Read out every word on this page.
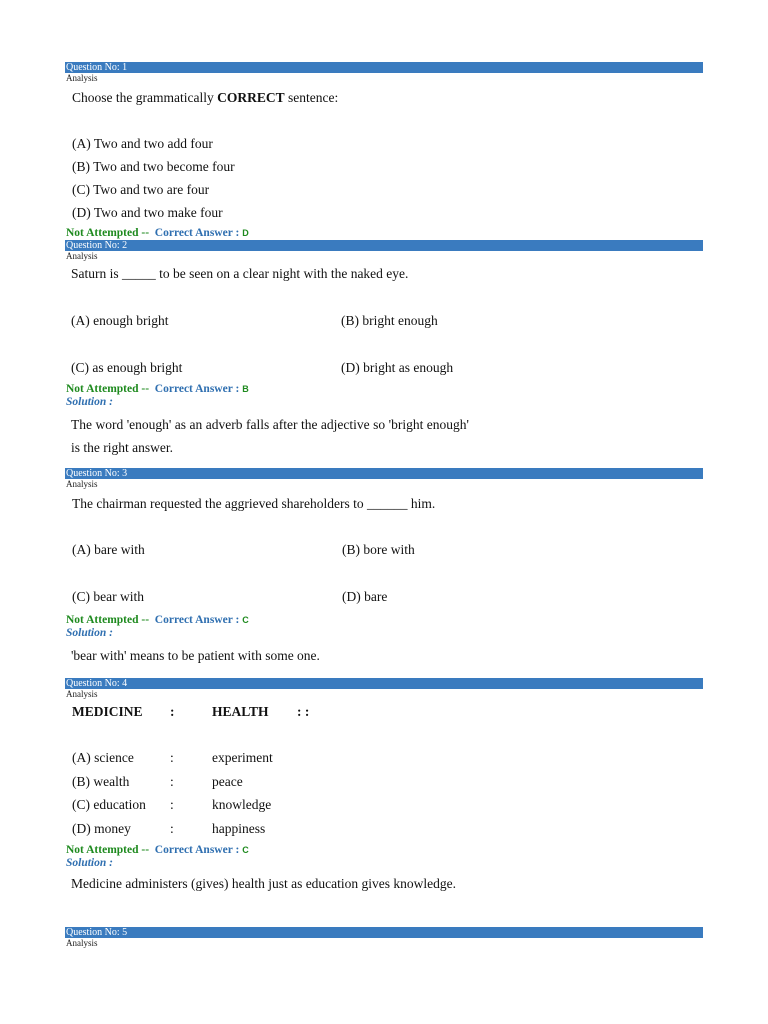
Question No: 1
Analysis
Choose the grammatically CORRECT sentence:
(A) Two and two add four
(B) Two and two become four
(C) Two and two are four
(D) Two and two make four
Not Attempted -- Correct Answer : D
Question No: 2
Analysis
Saturn is _____ to be seen on a clear night with the naked eye.
(A) enough bright	(B) bright enough
(C) as enough bright	(D) bright as enough
Not Attempted -- Correct Answer : B
Solution :
The word 'enough' as an adverb falls after the adjective so 'bright enough' is the right answer.
Question No: 3
Analysis
The chairman requested the aggrieved shareholders to ______ him.
(A) bare with	(B) bore with
(C) bear with	(D) bare
Not Attempted -- Correct Answer : C
Solution :
'bear with' means to be patient with some one.
Question No: 4
Analysis
MEDICINE :	HEALTH : :
(A) science	:	experiment
(B) wealth	:	peace
(C) education :	knowledge
(D) money	:	happiness
Not Attempted -- Correct Answer : C
Solution :
Medicine administers (gives) health just as education gives knowledge.
Question No: 5
Analysis
